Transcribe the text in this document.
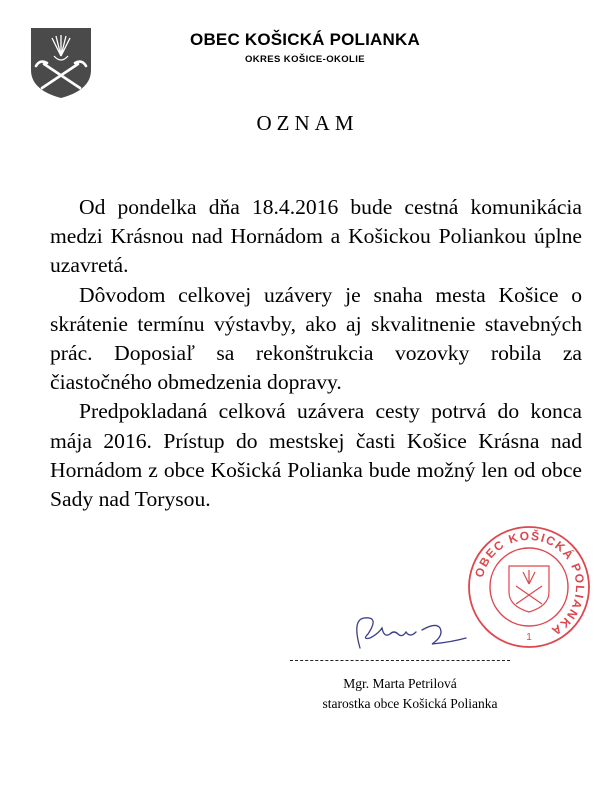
OBEC KOŠICKÁ POLIANKA
OKRES KOŠICE-OKOLIE
OZNAM

Od pondelka dňa 18.4.2016 bude cestná komunikácia medzi Krásnou nad Hornádom a Košickou Poliankou úplne uzavretá.

Dôvodom celkovej uzávery je snaha mesta Košice o skrátenie termínu výstavby, ako aj skvalitnenie stavebných prác. Doposiaľ sa rekonštrukcia vozovky robila za čiastočného obmedzenia dopravy.

Predpokladaná celková uzávera cesty potrvá do konca mája 2016. Prístup do mestskej časti Košice Krásna nad Hornádom z obce Košická Polianka bude možný len od obce Sady nad Torysou.

OBEC KOŠICKÁ POLIANKA
1
Mgr. Marta Petrilová
starostka obce Košická Polianka
